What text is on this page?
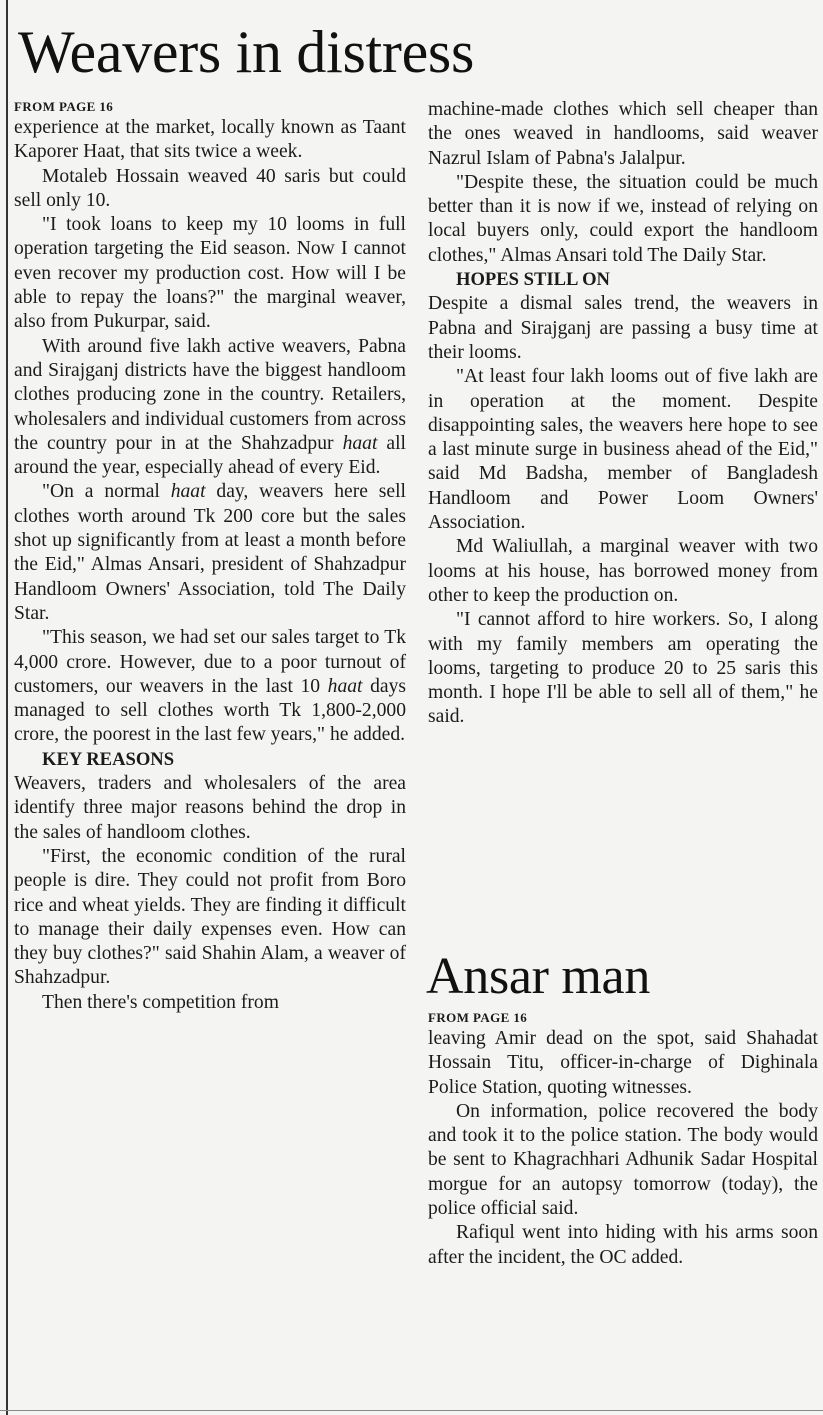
Weavers in distress
FROM PAGE 16

experience at the market, locally known as Taant Kaporer Haat, that sits twice a week.

Motaleb Hossain weaved 40 saris but could sell only 10.

"I took loans to keep my 10 looms in full operation targeting the Eid season. Now I cannot even recover my production cost. How will I be able to repay the loans?" the marginal weaver, also from Pukurpar, said.

With around five lakh active weavers, Pabna and Sirajganj districts have the biggest handloom clothes producing zone in the country. Retailers, wholesalers and individual customers from across the country pour in at the Shahzadpur haat all around the year, especially ahead of every Eid.

"On a normal haat day, weavers here sell clothes worth around Tk 200 core but the sales shot up significantly from at least a month before the Eid," Almas Ansari, president of Shahzadpur Handloom Owners' Association, told The Daily Star.

"This season, we had set our sales target to Tk 4,000 crore. However, due to a poor turnout of customers, our weavers in the last 10 haat days managed to sell clothes worth Tk 1,800-2,000 crore, the poorest in the last few years," he added.

KEY REASONS

Weavers, traders and wholesalers of the area identify three major reasons behind the drop in the sales of handloom clothes.

"First, the economic condition of the rural people is dire. They could not profit from Boro rice and wheat yields. They are finding it difficult to manage their daily expenses even. How can they buy clothes?" said Shahin Alam, a weaver of Shahzadpur.

Then there's competition from

machine-made clothes which sell cheaper than the ones weaved in handlooms, said weaver Nazrul Islam of Pabna's Jalalpur.

"Despite these, the situation could be much better than it is now if we, instead of relying on local buyers only, could export the handloom clothes," Almas Ansari told The Daily Star.

HOPES STILL ON

Despite a dismal sales trend, the weavers in Pabna and Sirajganj are passing a busy time at their looms.

"At least four lakh looms out of five lakh are in operation at the moment. Despite disappointing sales, the weavers here hope to see a last minute surge in business ahead of the Eid," said Md Badsha, member of Bangladesh Handloom and Power Loom Owners' Association.

Md Waliullah, a marginal weaver with two looms at his house, has borrowed money from other to keep the production on.

"I cannot afford to hire workers. So, I along with my family members am operating the looms, targeting to produce 20 to 25 saris this month. I hope I'll be able to sell all of them," he said.

Ansar man
FROM PAGE 16

leaving Amir dead on the spot, said Shahadat Hossain Titu, officer-in-charge of Dighinala Police Station, quoting witnesses.

On information, police recovered the body and took it to the police station. The body would be sent to Khagrachhari Adhunik Sadar Hospital morgue for an autopsy tomorrow (today), the police official said.

Rafiqul went into hiding with his arms soon after the incident, the OC added.
